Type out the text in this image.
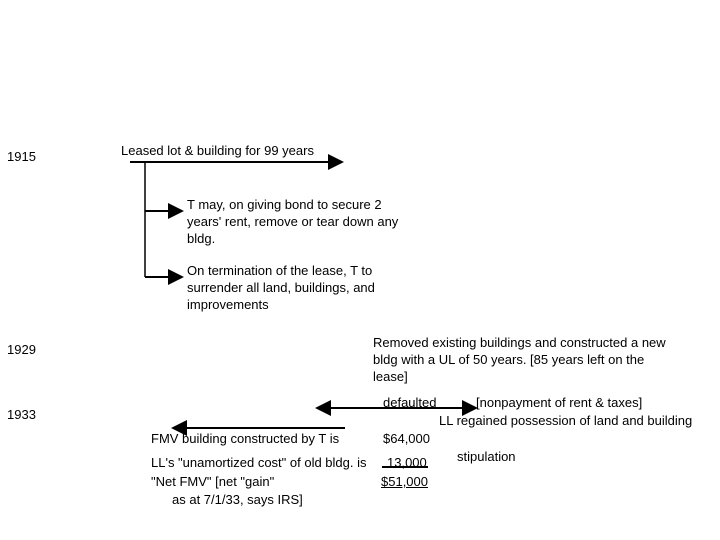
1915
1929
1933
Leased lot & building for 99 years
T may, on giving bond to secure 2
years' rent, remove or tear down any
bldg.
On termination of the lease, T to
surrender all land, buildings, and
improvements
Removed existing buildings and constructed a new
bldg with a UL of 50 years. [85 years left on the
lease]
defaulted	[nonpayment of rent & taxes]
LL regained possession of land and building
FMV building constructed by T is	$64,000
stipulation
LL's "unamortized cost" of old bldg. is 13,000
"Net FMV" [net "gain"	$51,000
as at 7/1/33, says IRS]
